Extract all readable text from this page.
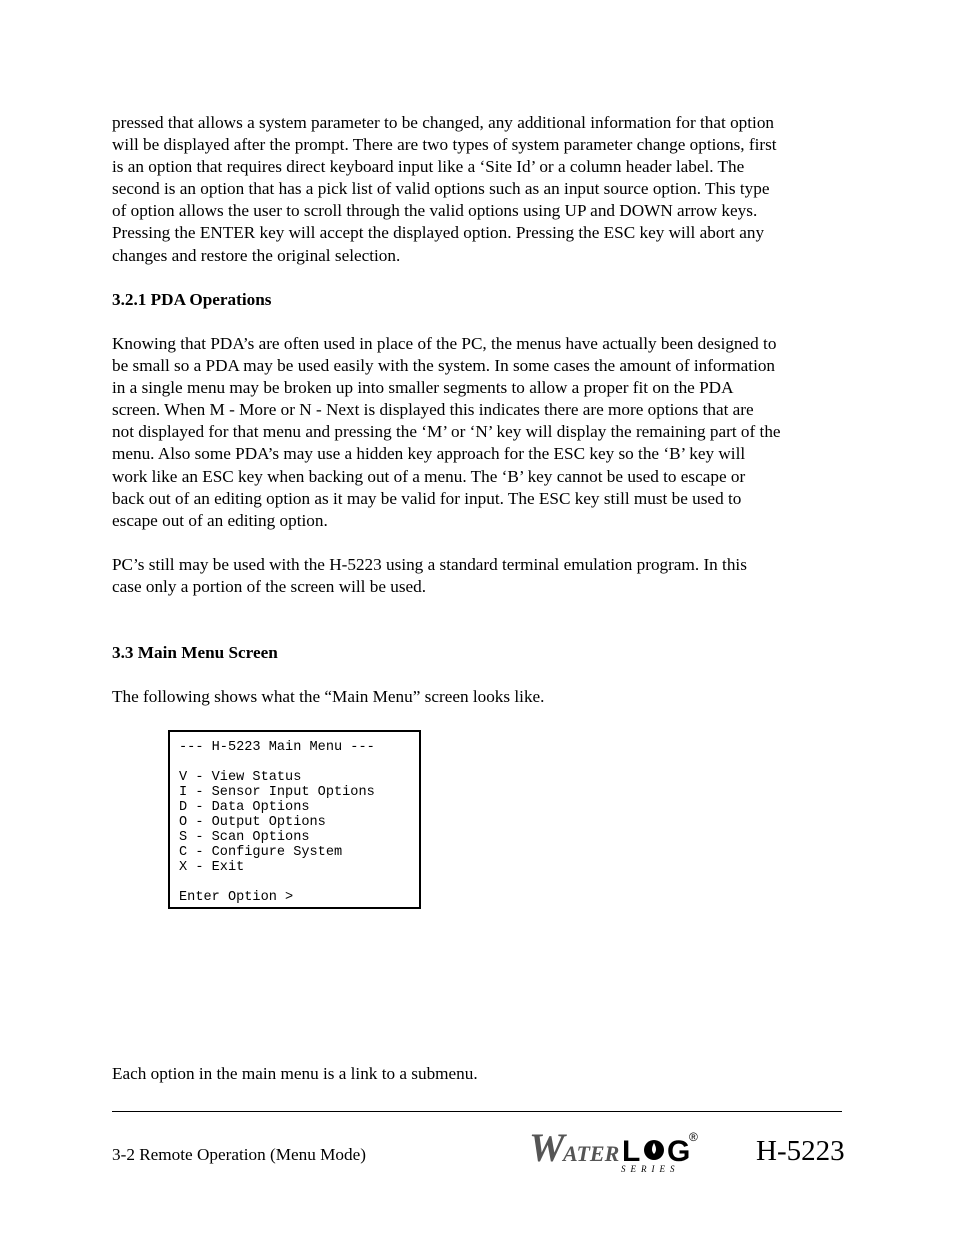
pressed that allows a system parameter to be changed, any additional information for that option
will be displayed after the prompt. There are two types of system parameter change options, first
is an option that requires direct keyboard input like a ‘Site Id’ or a column header label. The
second is an option that has a pick list of valid options such as an input source option. This type
of option allows the user to scroll through the valid options using UP and DOWN arrow keys.
Pressing the ENTER key will accept the displayed option. Pressing the ESC key will abort any
changes and restore the original selection.

3.2.1 PDA Operations

Knowing that PDA’s are often used in place of the PC, the menus have actually been designed to
be small so a PDA may be used easily with the system. In some cases the amount of information
in a single menu may be broken up into smaller segments to allow a proper fit on the PDA
screen. When M - More or N - Next is displayed this indicates there are more options that are
not displayed for that menu and pressing the ‘M’ or ‘N’ key will display the remaining part of the
menu. Also some PDA’s may use a hidden key approach for the ESC key so the ‘B’ key will
work like an ESC key when backing out of a menu. The ‘B’ key cannot be used to escape or
back out of an editing option as it may be valid for input. The ESC key still must be used to
escape out of an editing option.

PC’s still may be used with the H-5223 using a standard terminal emulation program. In this
case only a portion of the screen will be used.

3.3 Main Menu Screen

The following shows what the “Main Menu” screen looks like.

--- H-5223 Main Menu ---

V - View Status
I - Sensor Input Options
D - Data Options
O - Output Options
S - Scan Options
C - Configure System
X - Exit

Enter Option >

Each option in the main menu is a link to a submenu.

3-2 Remote Operation (Menu Mode)	W
ATER L G
®
SERIES
H-5223
